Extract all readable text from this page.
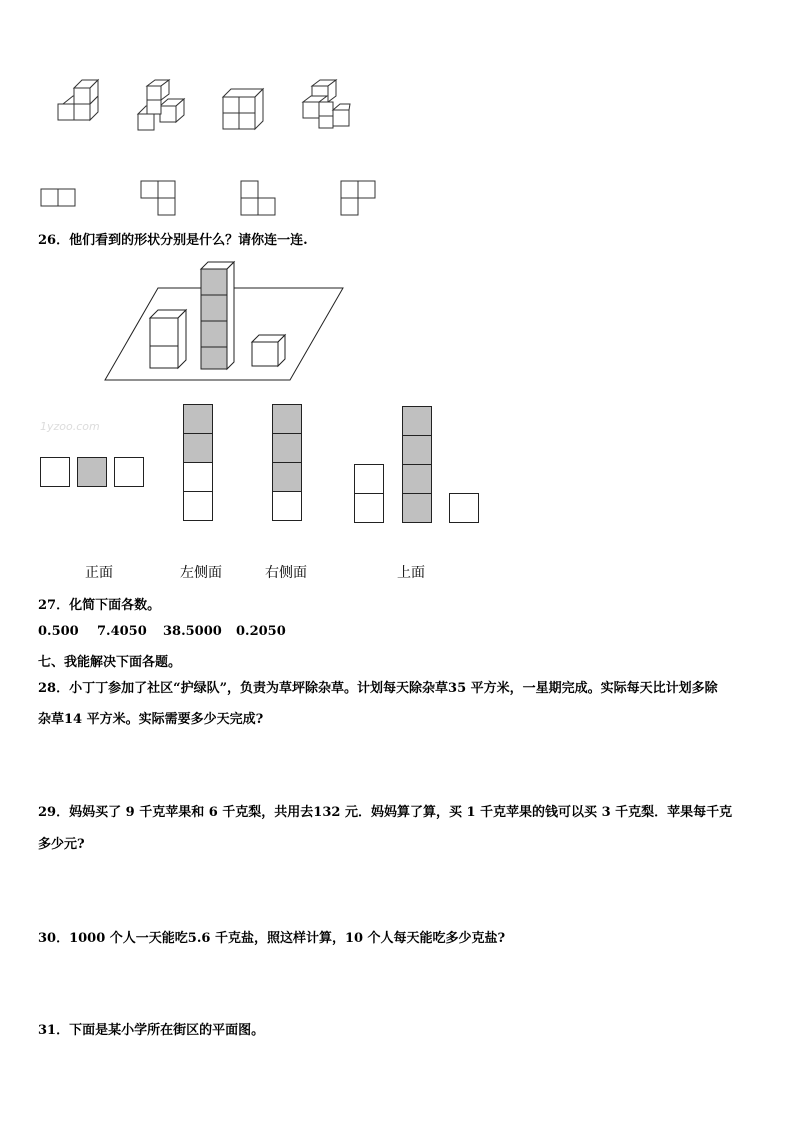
26．他们看到的形状分别是什么？请你连一连.
1yzoo.com
正面	左侧面	右侧面	上面
27．化简下面各数。
0.500 7.4050 38.5000 0.2050
七、我能解决下面各题。
28．小丁丁参加了社区“护绿队”，负责为草坪除杂草。计划每天除杂草35 平方米，一星期完成。实际每天比计划多除
杂草14 平方米。实际需要多少天完成?
29．妈妈买了 9 千克苹果和 6 千克梨，共用去132 元．妈妈算了算，买 1 千克苹果的钱可以买 3 千克梨．苹果每千克
多少元?
30．1000 个人一天能吃5.6 千克盐，照这样计算，10 个人每天能吃多少克盐?
31．下面是某小学所在街区的平面图。
